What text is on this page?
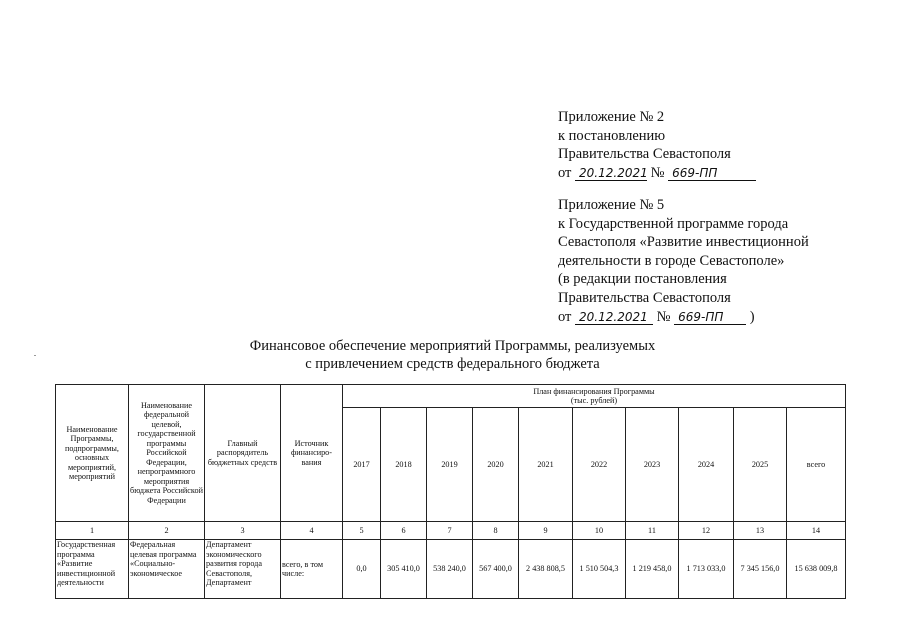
Приложение № 2
к постановлению
Правительства Севастополя
от 20.12.2021 № 669-ПП
Приложение № 5
к Государственной программе города
Севастополя «Развитие инвестиционной
деятельности в городе Севастополе»
(в редакции постановления
Правительства Севастополя
от 20.12.2021 № 669-ПП )
Финансовое обеспечение мероприятий Программы, реализуемых
с привлечением средств федерального бюджета
Наименование Программы, подпрограммы, основных мероприятий, мероприятий	Наименование федеральной целевой, государственной программы Российской Федерации, непрограммного мероприятия бюджета Российской Федерации	Главный распорядитель бюджетных средств	Источник финансиро-вания	План финансирования Программы
(тыс. рублей)									

				2017	2018	2019	2020	2021	2022	2023	2024	2025	всего
1	2	3	4	5	6	7	8	9	10	11	12	13	14
Государственная программа «Развитие инвестиционной деятельности	Федеральная целевая программа «Социально-экономическое	Департамент экономического развития города Севастополя, Департамент	всего, в том числе:	0,0	305 410,0	538 240,0	567 400,0	2 438 808,5	1 510 504,3	1 219 458,0	1 713 033,0	7 345 156,0	15 638 009,8
